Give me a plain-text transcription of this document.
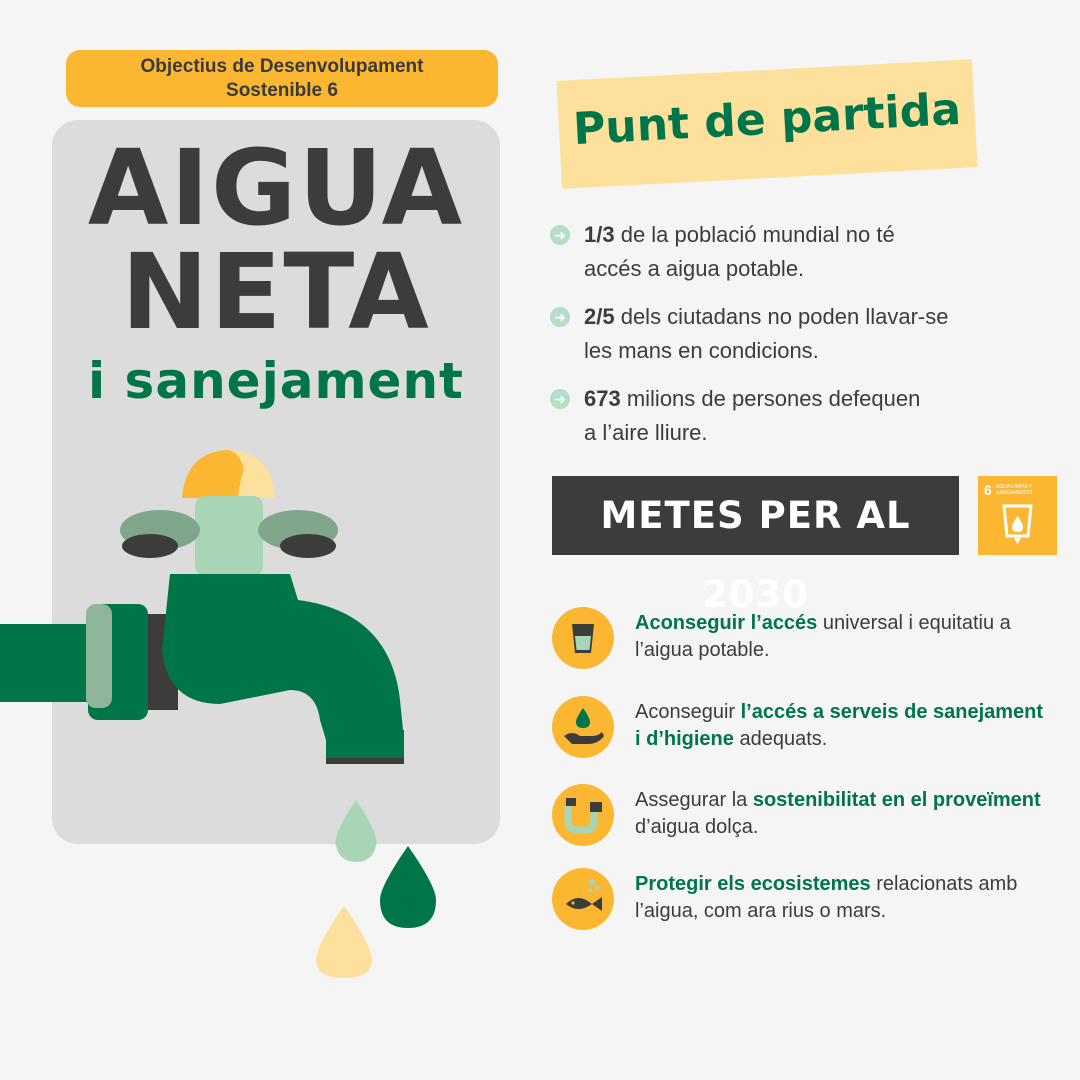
Objectius de Desenvolupament
Sostenible 6
AIGUA
NETA
i sanejament
Punt de partida
➜ 1/3 de la població mundial no té
accés a aigua potable.
➜ 2/5 dels ciutadans no poden llavar-se
les mans en condicions.
➜ 673 milions de persones defequen
a l’aire lliure.
METES PER AL 2030
6 AGUA LIMPIA Y SANEAMIENTO
Aconseguir l’accés universal i equitatiu a l’aigua potable.
Aconseguir l’accés a serveis de sanejament i d’higiene adequats.
Assegurar la sostenibilitat en el proveïment d’aigua dolça.
Protegir els ecosistemes relacionats amb l’aigua, com ara rius o mars.
